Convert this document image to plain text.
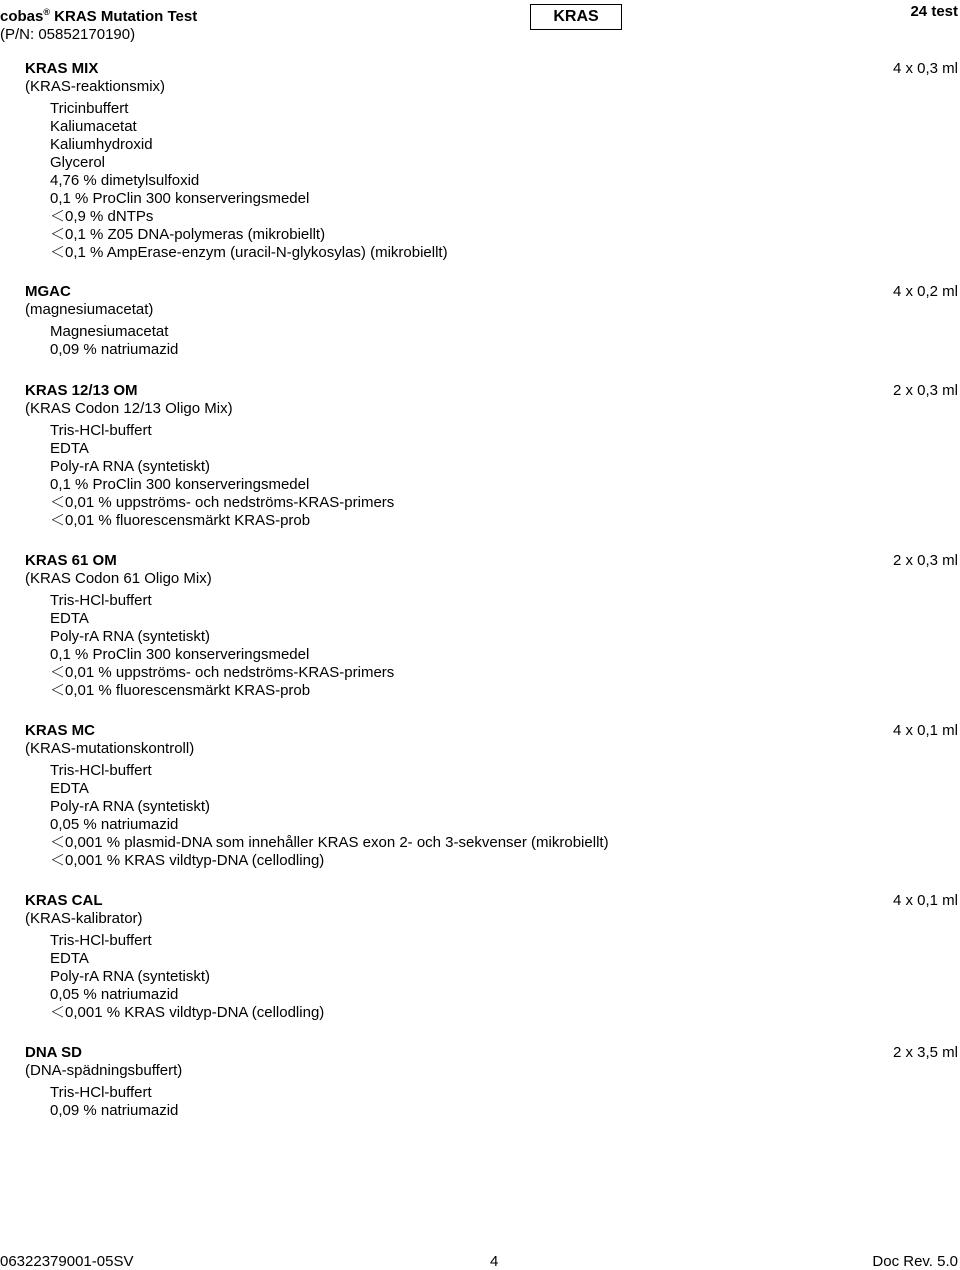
cobas® KRAS Mutation Test
(P/N: 05852170190)
KRAS	24 test
KRAS MIX
(KRAS-reaktionsmix)
4 x 0,3 ml
Tricinbuffert
Kaliumacetat
Kaliumhydroxid
Glycerol
4,76 % dimetylsulfoxid
0,1 % ProClin 300 konserveringsmedel
＜0,9 % dNTPs
＜0,1 % Z05 DNA-polymeras (mikrobiellt)
＜0,1 % AmpErase-enzym (uracil-N-glykosylas) (mikrobiellt)
MGAC
(magnesiumacetat)
4 x 0,2 ml
Magnesiumacetat
0,09 % natriumazid
KRAS 12/13 OM
(KRAS Codon 12/13 Oligo Mix)
2 x 0,3 ml
Tris-HCl-buffert
EDTA
Poly-rA RNA (syntetiskt)
0,1 % ProClin 300 konserveringsmedel
＜0,01 % uppströms- och nedströms-KRAS-primers
＜0,01 % fluorescensmärkt KRAS-prob
KRAS 61 OM
(KRAS Codon 61 Oligo Mix)
2 x 0,3 ml
Tris-HCl-buffert
EDTA
Poly-rA RNA (syntetiskt)
0,1 % ProClin 300 konserveringsmedel
＜0,01 % uppströms- och nedströms-KRAS-primers
＜0,01 % fluorescensmärkt KRAS-prob
KRAS MC
(KRAS-mutationskontroll)
4 x 0,1 ml
Tris-HCl-buffert
EDTA
Poly-rA RNA (syntetiskt)
0,05 % natriumazid
＜0,001 % plasmid-DNA som innehåller KRAS exon 2- och 3-sekvenser (mikrobiellt)
＜0,001 % KRAS vildtyp-DNA (cellodling)
KRAS CAL
(KRAS-kalibrator)
4 x 0,1 ml
Tris-HCl-buffert
EDTA
Poly-rA RNA (syntetiskt)
0,05 % natriumazid
＜0,001 % KRAS vildtyp-DNA (cellodling)
DNA SD
(DNA-spädningsbuffert)
2 x 3,5 ml
Tris-HCl-buffert
0,09 % natriumazid
06322379001-05SV	4	Doc Rev. 5.0
